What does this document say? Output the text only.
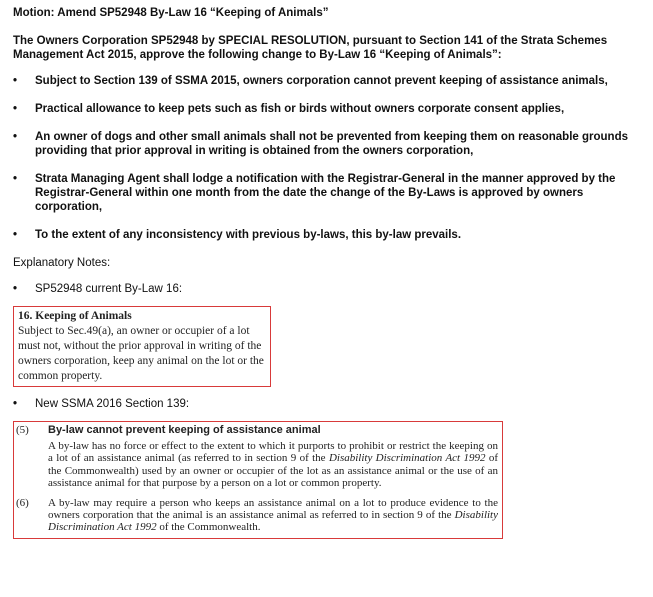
Motion: Amend SP52948 By-Law 16 “Keeping of Animals”

The Owners Corporation SP52948 by SPECIAL RESOLUTION, pursuant to Section 141 of the Strata Schemes Management Act 2015, approve the following change to By-Law 16 “Keeping of Animals”:

• Subject to Section 139 of SSMA 2015, owners corporation cannot prevent keeping of assistance animals,
• Practical allowance to keep pets such as fish or birds without owners corporate consent applies,
• An owner of dogs and other small animals shall not be prevented from keeping them on reasonable grounds providing that prior approval in writing is obtained from the owners corporation,
• Strata Managing Agent shall lodge a notification with the Registrar-General in the manner approved by the Registrar-General within one month from the date the change of the By-Laws is approved by owners corporation,
• To the extent of any inconsistency with previous by-laws, this by-law prevails.

Explanatory Notes:

• SP52948 current By-Law 16:
16. Keeping of Animals
Subject to Sec.49(a), an owner or occupier of a lot must not, without the prior approval in writing of the owners corporation, keep any animal on the lot or the common property.
• New SSMA 2016 Section 139:
(5)	By-law cannot prevent keeping of assistance animal
A by-law has no force or effect to the extent to which it purports to prohibit or restrict the keeping on a lot of an assistance animal (as referred to in section 9 of the Disability Discrimination Act 1992 of the Commonwealth) used by an owner or occupier of the lot as an assistance animal or the use of an assistance animal for that purpose by a person on a lot or common property.
(6)	A by-law may require a person who keeps an assistance animal on a lot to produce evidence to the owners corporation that the animal is an assistance animal as referred to in section 9 of the Disability Discrimination Act 1992 of the Commonwealth.
